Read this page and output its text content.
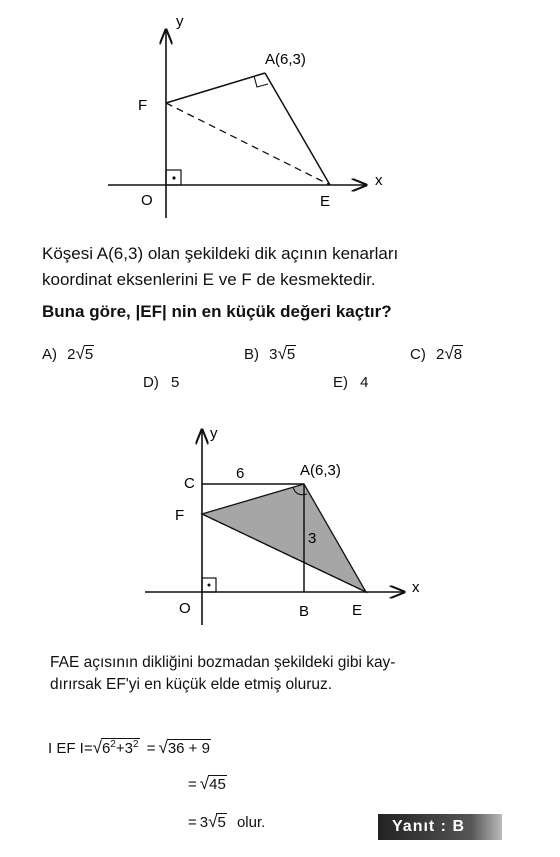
y
x
A(6,3)
F
O	E
Köşesi A(6,3) olan şekildeki dik açının kenarları
koordinat eksenlerini E ve F de kesmektedir.
Buna göre, |EF| nin en küçük değeri kaçtır?
A) 2√5	B) 3√5	C) 2√8
D) 5	E) 4
y
x
C
6	A(6,3)
F
3
O	B	E
FAE açısının dikliğini bozmadan şekildeki gibi kay-
dırırsak EF'yi en küçük elde etmiş oluruz.
I EF $I=√6^2+3^2 = √36 + 9$
= √45
= 3√5 olur.	Yanıt : B
